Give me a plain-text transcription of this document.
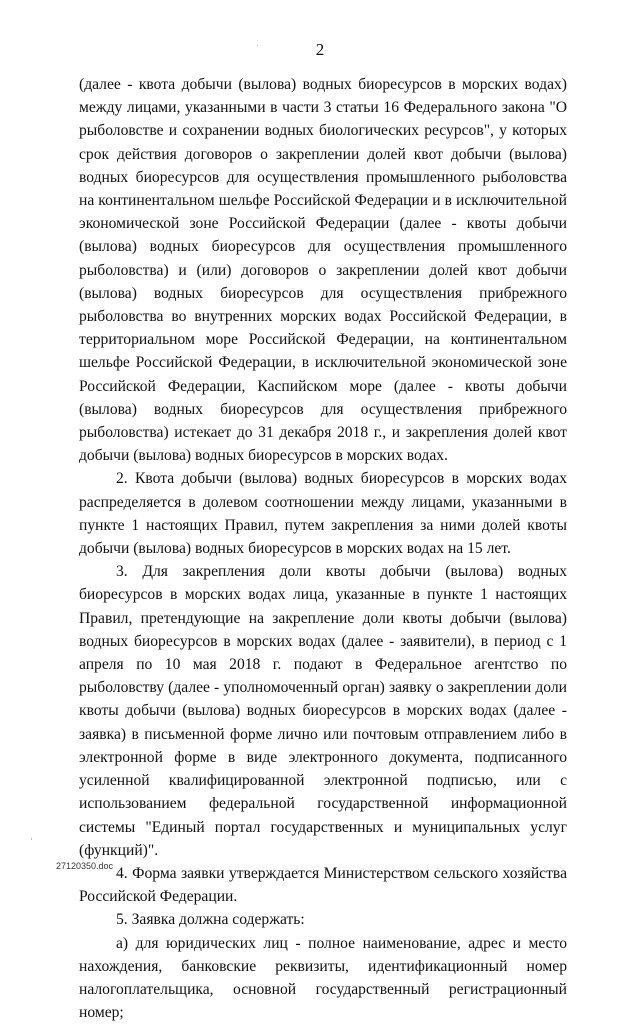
2

(далее - квота добычи (вылова) водных биоресурсов в морских водах) между лицами, указанными в части 3 статьи 16 Федерального закона "О рыболовстве и сохранении водных биологических ресурсов", у которых срок действия договоров о закреплении долей квот добычи (вылова) водных биоресурсов для осуществления промышленного рыболовства на континентальном шельфе Российской Федерации и в исключительной экономической зоне Российской Федерации (далее - квоты добычи (вылова) водных биоресурсов для осуществления промышленного рыболовства) и (или) договоров о закреплении долей квот добычи (вылова) водных биоресурсов для осуществления прибрежного рыболовства во внутренних морских водах Российской Федерации, в территориальном море Российской Федерации, на континентальном шельфе Российской Федерации, в исключительной экономической зоне Российской Федерации, Каспийском море (далее - квоты добычи (вылова) водных биоресурсов для осуществления прибрежного рыболовства) истекает до 31 декабря 2018 г., и закрепления долей квот добычи (вылова) водных биоресурсов в морских водах.

2. Квота добычи (вылова) водных биоресурсов в морских водах распределяется в долевом соотношении между лицами, указанными в пункте 1 настоящих Правил, путем закрепления за ними долей квоты добычи (вылова) водных биоресурсов в морских водах на 15 лет.

3. Для закрепления доли квоты добычи (вылова) водных биоресурсов в морских водах лица, указанные в пункте 1 настоящих Правил, претендующие на закрепление доли квоты добычи (вылова) водных биоресурсов в морских водах (далее - заявители), в период с 1 апреля по 10 мая 2018 г. подают в Федеральное агентство по рыболовству (далее - уполномоченный орган) заявку о закреплении доли квоты добычи (вылова) водных биоресурсов в морских водах (далее - заявка) в письменной форме лично или почтовым отправлением либо в электронной форме в виде электронного документа, подписанного усиленной квалифицированной электронной подписью, или с использованием федеральной государственной информационной системы "Единый портал государственных и муниципальных услуг (функций)".

4. Форма заявки утверждается Министерством сельского хозяйства Российской Федерации.

5. Заявка должна содержать:

а) для юридических лиц - полное наименование, адрес и место нахождения, банковские реквизиты, идентификационный номер налогоплательщика, основной государственный регистрационный номер;

27120350.doc
